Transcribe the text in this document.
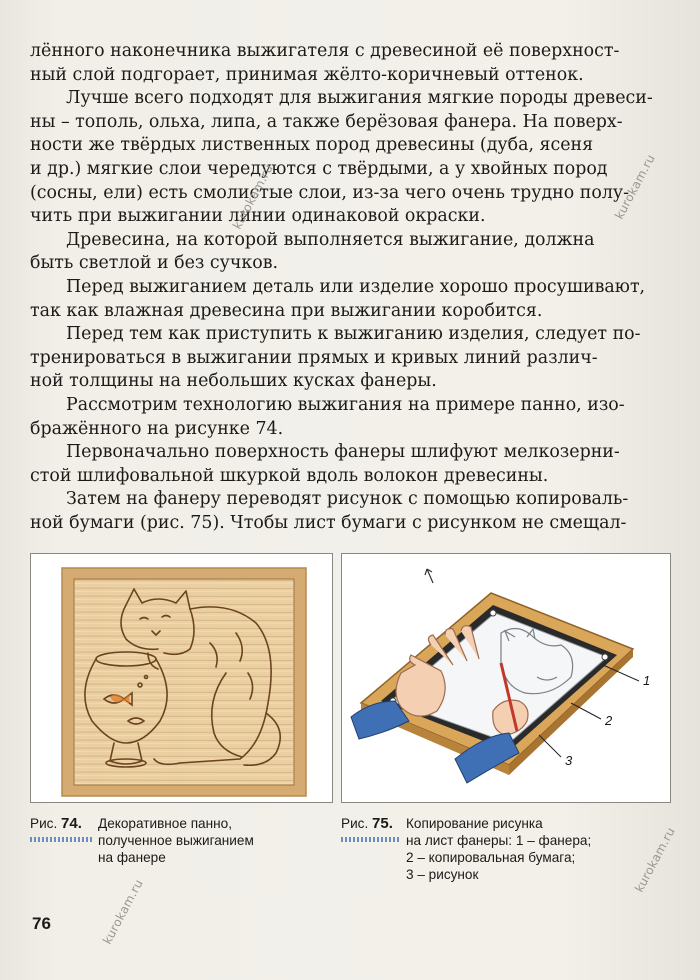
лённого наконечника выжигателя с древесиной её поверхност-
ный слой подгорает, принимая жёлто-коричневый оттенок.
Лучше всего подходят для выжигания мягкие породы древеси-
ны – тополь, ольха, липа, а также берёзовая фанера. На поверх-
ности же твёрдых лиственных пород древесины (дуба, ясеня
и др.) мягкие слои чередуются с твёрдыми, а у хвойных пород
(сосны, ели) есть смолистые слои, из-за чего очень трудно полу-
чить при выжигании линии одинаковой окраски.
Древесина, на которой выполняется выжигание, должна
быть светлой и без сучков.
Перед выжиганием деталь или изделие хорошо просушивают,
так как влажная древесина при выжигании коробится.
Перед тем как приступить к выжиганию изделия, следует по-
тренироваться в выжигании прямых и кривых линий различ-
ной толщины на небольших кусках фанеры.
Рассмотрим технологию выжигания на примере панно, изо-
бражённого на рисунке 74.
Первоначально поверхность фанеры шлифуют мелкозерни-
стой шлифовальной шкуркой вдоль волокон древесины.
Затем на фанеру переводят рисунок с помощью копироваль-
ной бумаги (рис. 75). Чтобы лист бумаги с рисунком не смещал-
kurokam.ru
kurokam.ru
kurokam.ru
kurokam.ru
1
2
3
Рис. 74. Декоративное панно,
полученное выжиганием
на фанере
Рис. 75. Копирование рисунка
на лист фанеры: 1 – фанера;
2 – копировальная бумага;
3 – рисунок
76
